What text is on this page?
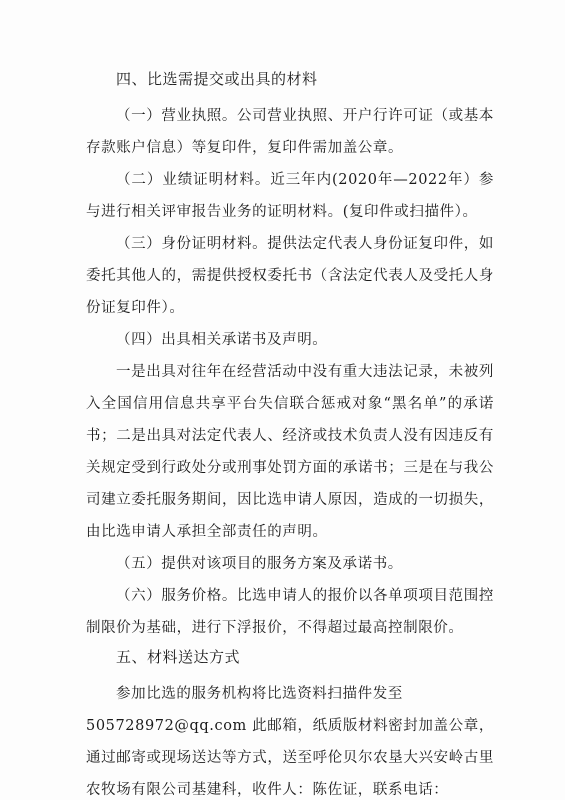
四、比选需提交或出具的材料

（一）营业执照。公司营业执照、开户行许可证（或基本存款账户信息）等复印件，复印件需加盖公章。

（二）业绩证明材料。近三年内(2020年—2022年）参与进行相关评审报告业务的证明材料。(复印件或扫描件）。

（三）身份证明材料。提供法定代表人身份证复印件，如委托其他人的，需提供授权委托书（含法定代表人及受托人身份证复印件）。

（四）出具相关承诺书及声明。

一是出具对往年在经营活动中没有重大违法记录，未被列入全国信用信息共享平台失信联合惩戒对象“黑名单”的承诺书；二是出具对法定代表人、经济或技术负责人没有因违反有关规定受到行政处分或刑事处罚方面的承诺书；三是在与我公司建立委托服务期间，因比选申请人原因，造成的一切损失，由比选申请人承担全部责任的声明。

（五）提供对该项目的服务方案及承诺书。

（六）服务价格。比选申请人的报价以各单项项目范围控制限价为基础，进行下浮报价，不得超过最高控制限价。

五、材料送达方式

参加比选的服务机构将比选资料扫描件发至

505728972@qq.com 此邮箱，纸质版材料密封加盖公章，通过邮寄或现场送达等方式，送至呼伦贝尔农垦大兴安岭古里农牧场有限公司基建科，收件人：陈佐证，联系电话：
